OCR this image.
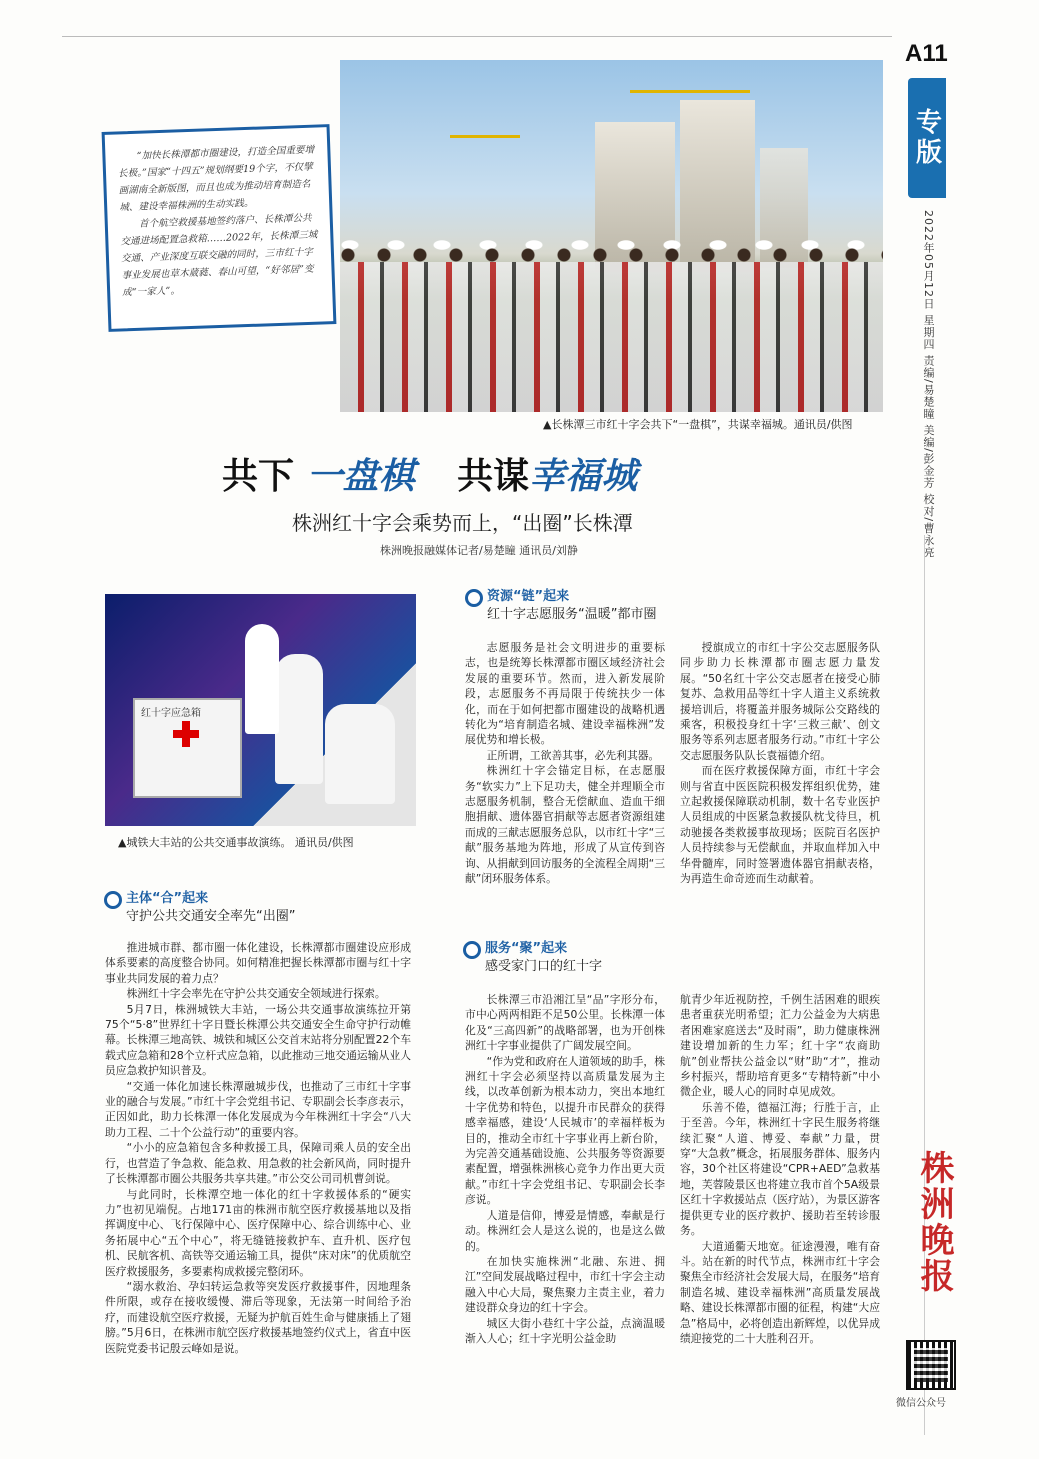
A11
专版
2022年05月12日 星期四 责编/易楚瞳 美编/彭金芳 校对/曹永亮
株洲晚报
微信公众号
▲长株潭三市红十字会共下“一盘棋”，共谋幸福城。通讯员/供图

“加快长株潭都市圈建设，打造全国重要增长极。”国家“十四五”规划纲要19个字，不仅擘画湖南全新版图，而且也成为推动培育制造名城、建设幸福株洲的生动实践。

首个航空救援基地签约落户、长株潭公共交通进场配置急救箱……2022年，长株潭三城交通、产业深度互联交融的同时，三市红十字事业发展也草木葳蕤、春山可望，“好邻居”变成“一家人”。

共下 一盘棋 共谋幸福城
株洲红十字会乘势而上，“出圈”长株潭
株洲晚报融媒体记者/易楚瞳 通讯员/刘静
红十字应急箱
▲城铁大丰站的公共交通事故演练。 通讯员/供图
主体“合”起来
守护公共交通安全率先“出圈”
资源“链”起来
红十字志愿服务“温暖”都市圈
服务“聚”起来
感受家门口的红十字

推进城市群、都市圈一体化建设，长株潭都市圈建设应形成体系要素的高度整合协同。如何精准把握长株潭都市圈与红十字事业共同发展的着力点？

株洲红十字会率先在守护公共交通安全领域进行探索。

5月7日，株洲城铁大丰站，一场公共交通事故演练拉开第75个“5·8”世界红十字日暨长株潭公共交通安全生命守护行动帷幕。长株潭三地高铁、城铁和城区公交首末站将分别配置22个车载式应急箱和28个立杆式应急箱，以此推动三地交通运输从业人员应急救护知识普及。

“交通一体化加速长株潭融城步伐，也推动了三市红十字事业的融合与发展。”市红十字会党组书记、专职副会长李彦表示，正因如此，助力长株潭一体化发展成为今年株洲红十字会“八大助力工程、二十个公益行动”的重要内容。

“小小的应急箱包含多种救援工具，保障司乘人员的安全出行，也营造了争急救、能急救、用急救的社会新风尚，同时提升了长株潭都市圈公共服务共享共建。”市公交公司司机曹剑说。

与此同时，长株潭空地一体化的红十字救援体系的“硬实力”也初见端倪。占地171亩的株洲市航空医疗救援基地以及指挥调度中心、飞行保障中心、医疗保障中心、综合训练中心、业务拓展中心“五个中心”，将无缝链接救护车、直升机、医疗包机、民航客机、高铁等交通运输工具，提供“床对床”的优质航空医疗救援服务，多要素构成救援完整闭环。

“溺水救治、孕妇转运急救等突发医疗救援事件，因地理条件所限，或存在接收缓慢、滞后等现象，无法第一时间给予治疗，而建设航空医疗救援，无疑为护航百姓生命与健康插上了翅膀。”5月6日，在株洲市航空医疗救援基地签约仪式上，省直中医医院党委书记殷云峰如是说。

志愿服务是社会文明进步的重要标志，也是统筹长株潭都市圈区域经济社会发展的重要环节。然而，进入新发展阶段，志愿服务不再局限于传统扶少一体化，而在于如何把都市圈建设的战略机遇转化为“培育制造名城、建设幸福株洲”发展优势和增长极。

正所谓，工欲善其事，必先利其器。

株洲红十字会锚定目标，在志愿服务“软实力”上下足功夫，健全并理顺全市志愿服务机制，整合无偿献血、造血干细胞捐献、遗体器官捐献等志愿者资源组建而成的三献志愿服务总队，以市红十字“三献”服务基地为阵地，形成了从宣传到咨询、从捐献到回访服务的全流程全周期“三献”闭环服务体系。

授旗成立的市红十字公交志愿服务队同步助力长株潭都市圈志愿力量发展。“50名红十字公交志愿者在接受心肺复苏、急救用品等红十字人道主义系统救援培训后，将覆盖并服务城际公交路线的乘客，积极投身红十字‘三救三献’、创文服务等系列志愿者服务行动。”市红十字公交志愿服务队队长袁福德介绍。

而在医疗救援保障方面，市红十字会则与省直中医医院积极发挥组织优势，建立起救援保障联动机制，数十名专业医护人员组成的中医紧急救援队枕戈待旦，机动驰援各类救援事故现场；医院百名医护人员持续参与无偿献血，并取血样加入中华骨髓库，同时签署遗体器官捐献表格，为再造生命奇迹而生动献着。

长株潭三市沿湘江呈“品”字形分布，市中心两两相距不足50公里。长株潭一体化及“三高四新”的战略部署，也为开创株洲红十字事业提供了广阔发展空间。

“作为党和政府在人道领域的助手，株洲红十字会必须坚持以高质量发展为主线，以改革创新为根本动力，突出本地红十字优势和特色，以提升市民群众的获得感幸福感，建设‘人民城市’的幸福样板为目的，推动全市红十字事业再上新台阶，为完善交通基础设施、公共服务等资源要素配置，增强株洲核心竞争力作出更大贡献。”市红十字会党组书记、专职副会长李彦说。

人道是信仰，博爱是情感，奉献是行动。株洲红会人是这么说的，也是这么做的。

在加快实施株洲“北融、东进、拥江”空间发展战略过程中，市红十字会主动融入中心大局，聚焦聚力主责主业，着力建设群众身边的红十字会。

城区大街小巷红十字公益，点滴温暖渐入人心；红十字光明公益金助

航青少年近视防控，千例生活困难的眼疾患者重获光明希望；汇力公益金为大病患者困难家庭送去“及时雨”，助力健康株洲建设增加新的生力军；红十字“农商助航”创业帮扶公益金以“财”助“才”，推动乡村振兴，帮助培育更多“专精特新”中小微企业，暖人心的同时卓见成效。

乐善不倦，德福江海；行胜于言，止于至善。今年，株洲红十字民生服务将继续汇聚“人道、博爱、奉献”力量，贯穿“大急救”概念，拓展服务群体、服务内容，30个社区将建设“CPR+AED”急救基地，芙蓉陵景区也将建立我市首个5A级景区红十字救援站点（医疗站），为景区游客提供更专业的医疗救护、援助若至转诊服务。

大道通衢天地宽。征途漫漫，唯有奋斗。站在新的时代节点，株洲市红十字会聚焦全市经济社会发展大局，在服务“培育制造名城、建设幸福株洲”高质量发展战略、建设长株潭都市圈的征程，构建“大应急”格局中，必将创造出新辉煌，以优异成绩迎接党的二十大胜利召开。
